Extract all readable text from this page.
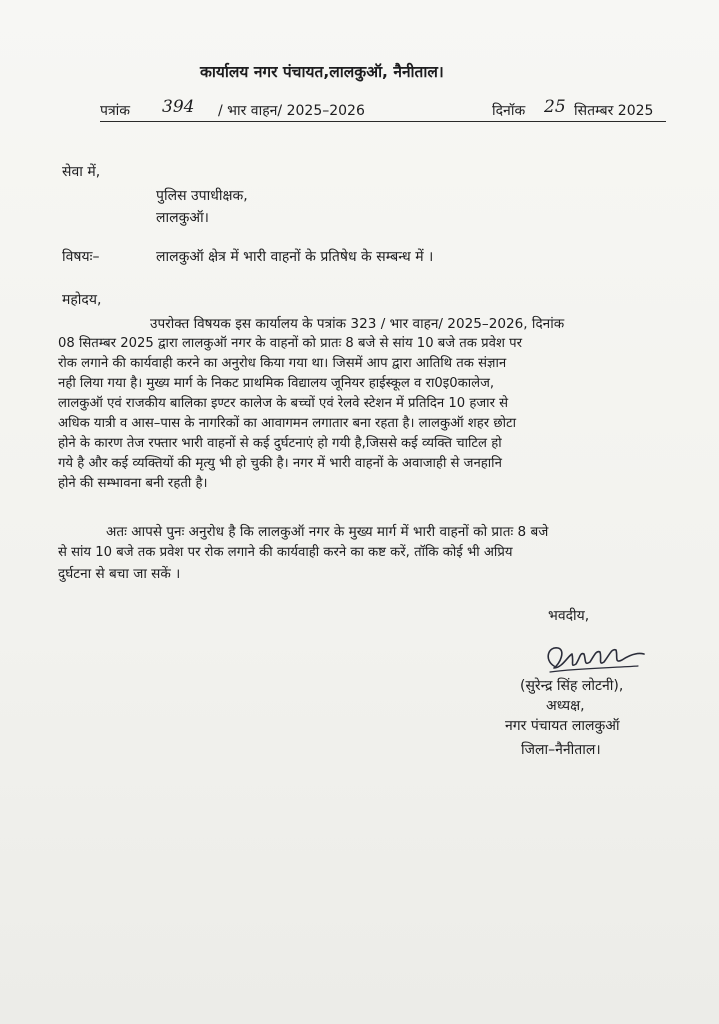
कार्यालय नगर पंचायत,लालकुऑ, नैनीताल।
पत्रांक 394 / भार वाहन/ 2025–2026	दिनॉक 25 सितम्बर 2025
सेवा में,
पुलिस उपाधीक्षक,
लालकुऑ।
विषयः–	लालकुऑ क्षेत्र में भारी वाहनों के प्रतिषेध के सम्बन्ध में ।
महोदय,
उपरोक्त विषयक इस कार्यालय के पत्रांक 323 / भार वाहन/ 2025–2026, दिनांक
08 सितम्बर 2025 द्वारा लालकुऑ नगर के वाहनों को प्रातः 8 बजे से सांय 10 बजे तक प्रवेश पर
रोक लगाने की कार्यवाही करने का अनुरोध किया गया था। जिसमें आप द्वारा आतिथि तक संज्ञान
नही लिया गया है। मुख्य मार्ग के निकट प्राथमिक विद्यालय जूनियर हाईस्कूल व रा0इ0कालेज,
लालकुऑ एवं राजकीय बालिका इण्टर कालेज के बच्चों एवं रेलवे स्टेशन में प्रतिदिन 10 हजार से
अधिक यात्री व आस–पास के नागरिकों का आवागमन लगातार बना रहता है। लालकुऑ शहर छोटा
होने के कारण तेज रफ्तार भारी वाहनों से कई दुर्घटनाएं हो गयी है,जिससे कई व्यक्ति चाटिल हो
गये है और कई व्यक्तियों की मृत्यु भी हो चुकी है। नगर में भारी वाहनों के अवाजाही से जनहानि
होने की सम्भावना बनी रहती है।
अतः आपसे पुनः अनुरोध है कि लालकुऑ नगर के मुख्य मार्ग में भारी वाहनों को प्रातः 8 बजे
से सांय 10 बजे तक प्रवेश पर रोक लगाने की कार्यवाही करने का कष्ट करें, तॉकि कोई भी अप्रिय
दुर्घटना से बचा जा सकें ।
भवदीय,
(सुरेन्द्र सिंह लोटनी),
अध्यक्ष,
नगर पंचायत लालकुऑ
जिला–नैनीताल।
